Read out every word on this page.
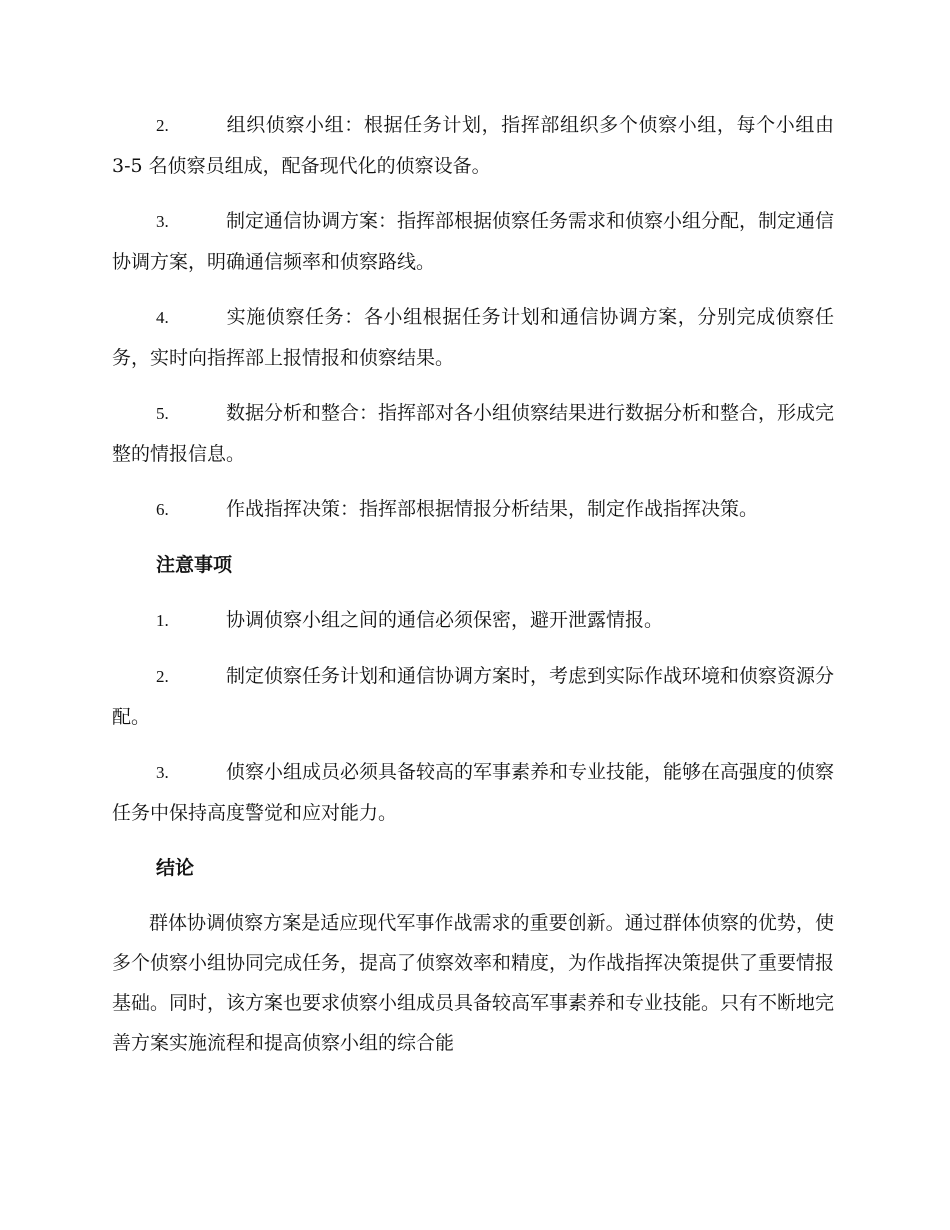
2.	组织侦察小组：根据任务计划，指挥部组织多个侦察小组，每个小组由 3-5 名侦察员组成，配备现代化的侦察设备。

3.	制定通信协调方案：指挥部根据侦察任务需求和侦察小组分配，制定通信协调方案，明确通信频率和侦察路线。

4.	实施侦察任务：各小组根据任务计划和通信协调方案，分别完成侦察任务，实时向指挥部上报情报和侦察结果。

5.	数据分析和整合：指挥部对各小组侦察结果进行数据分析和整合，形成完整的情报信息。

6.	作战指挥决策：指挥部根据情报分析结果，制定作战指挥决策。

注意事项

1.	协调侦察小组之间的通信必须保密，避开泄露情报。

2.	制定侦察任务计划和通信协调方案时，考虑到实际作战环境和侦察资源分配。

3.	侦察小组成员必须具备较高的军事素养和专业技能，能够在高强度的侦察任务中保持高度警觉和应对能力。

结论

群体协调侦察方案是适应现代军事作战需求的重要创新。通过群体侦察的优势，使多个侦察小组协同完成任务，提高了侦察效率和精度，为作战指挥决策提供了重要情报基础。同时，该方案也要求侦察小组成员具备较高军事素养和专业技能。只有不断地完善方案实施流程和提高侦察小组的综合能
